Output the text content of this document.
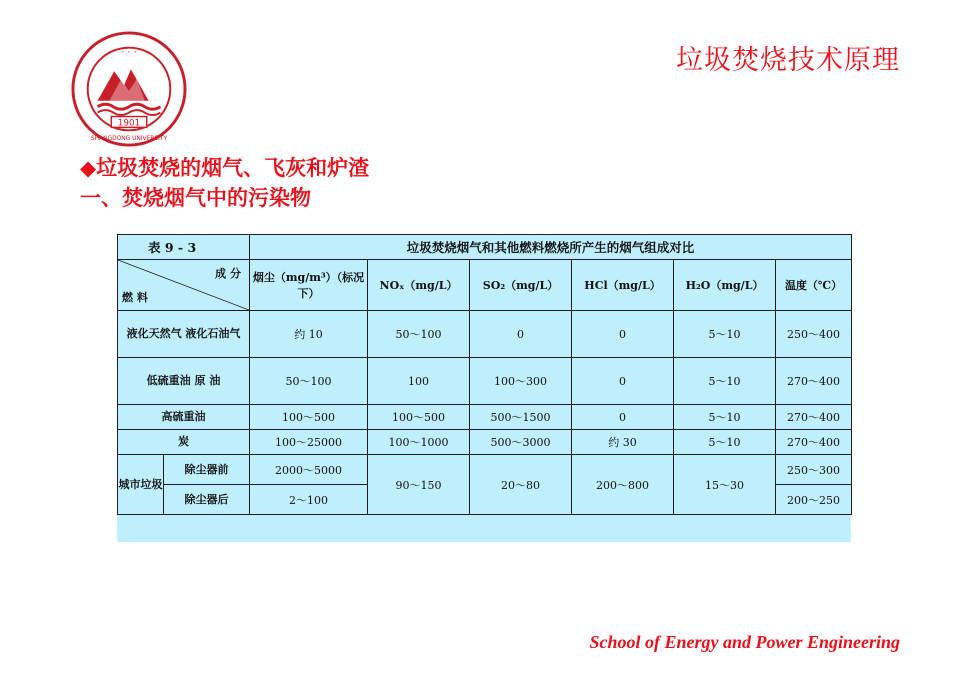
垃圾焚烧技术原理
1901
SHANGDONG UNIVERSITY
· · ·
◆垃圾焚烧的烟气、飞灰和炉渣
一、焚烧烟气中的污染物
表 9 - 3		垃圾焚烧烟气和其他燃料燃烧所产生的烟气组成对比					

成 分
燃 料		烟尘（mg/m³）（标况下）	NOₓ（mg/L）	SO₂（mg/L）	HCl（mg/L）	H₂O（mg/L）	温度（℃）
液化天然气 液化石油气		约 10	50～100	0	0	5～10	250～400
低硫重油 原 油		50～100	100	100～300	0	5～10	270～400
高硫重油		100～500	100～500	500～1500	0	5～10	270～400
炭		100～25000	100～1000	500～3000	约 30	5～10	270～400
城市垃圾	除尘器前	2000～5000	90～150	20～80	200～800	15～30	250～300
	除尘器后	2～100					200～250
School of Energy and Power Engineering
